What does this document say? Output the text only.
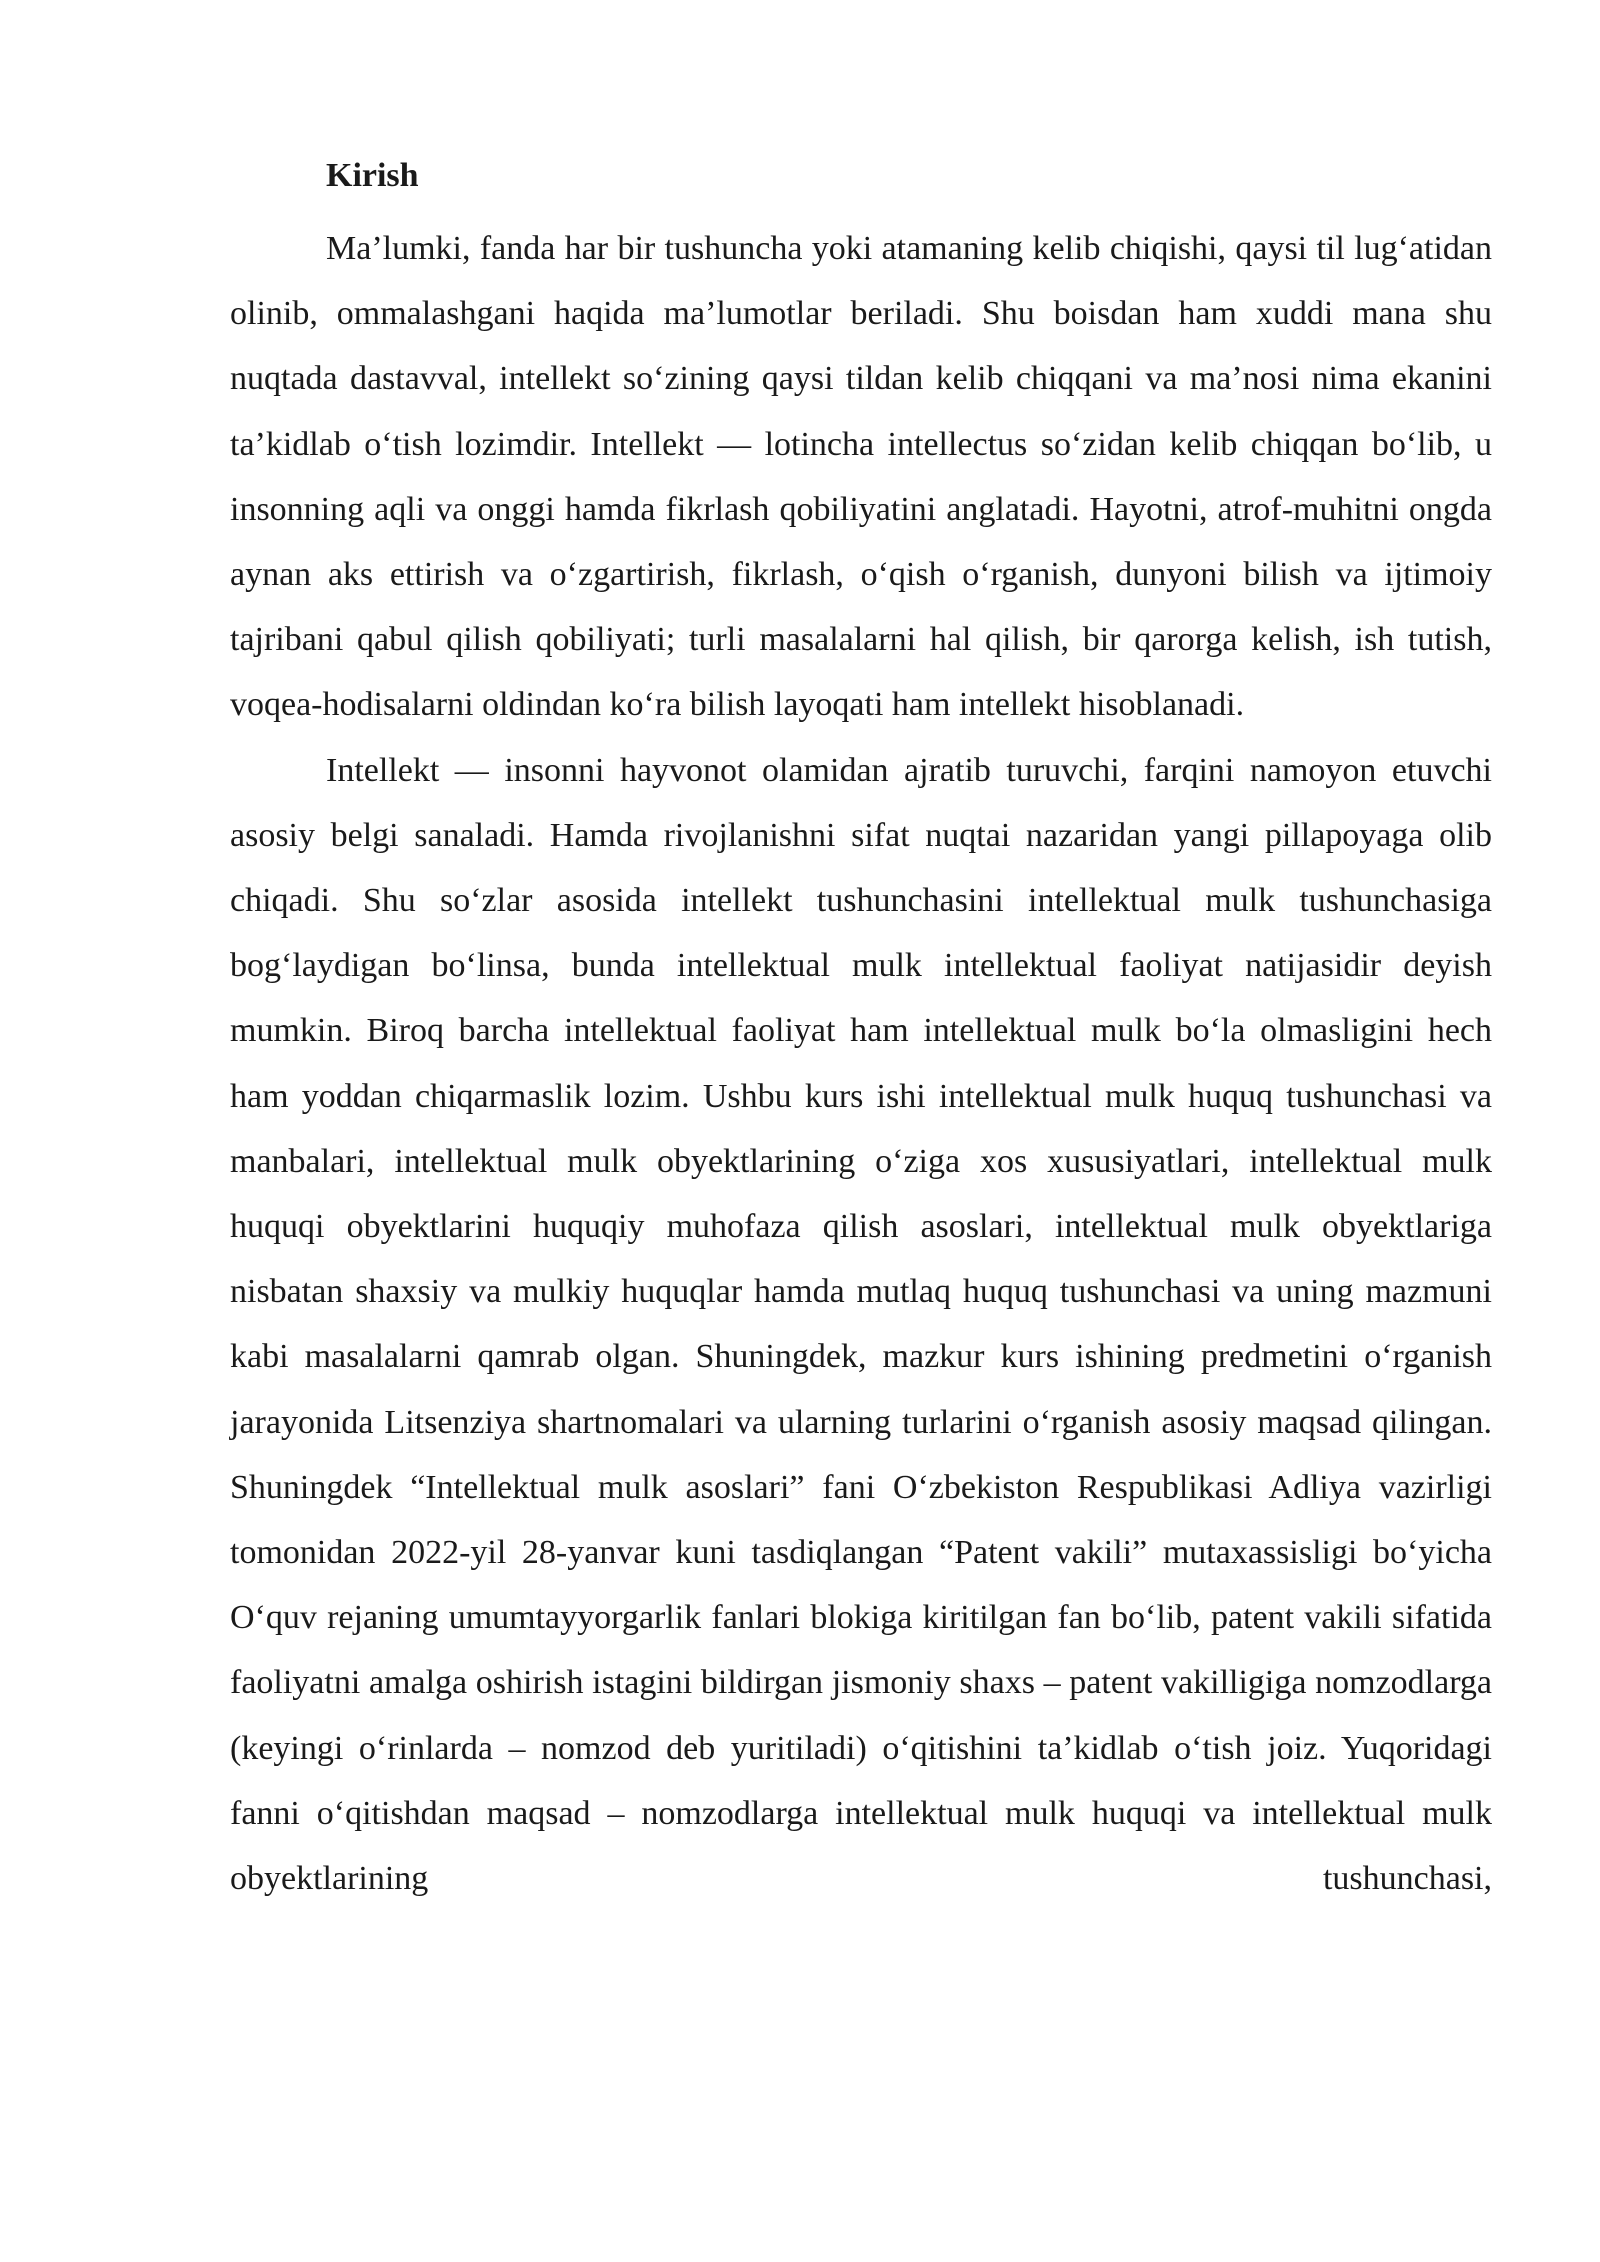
Kirish

Ma’lumki, fanda har bir tushuncha yoki atamaning kelib chiqishi, qaysi til lug‘atidan olinib, ommalashgani haqida ma’lumotlar beriladi. Shu boisdan ham xuddi mana shu nuqtada dastavval, intellekt so‘zining qaysi tildan kelib chiqqani va ma’nosi nima ekanini ta’kidlab o‘tish lozimdir. Intellekt — lotincha intellectus so‘zidan kelib chiqqan bo‘lib, u insonning aqli va onggi hamda fikrlash qobiliyatini anglatadi. Hayotni, atrof-muhitni ongda aynan aks ettirish va o‘zgartirish, fikrlash, o‘qish o‘rganish, dunyoni bilish va ijtimoiy tajribani qabul qilish qobiliyati; turli masalalarni hal qilish, bir qarorga kelish, ish tutish, voqea-hodisalarni oldindan ko‘ra bilish layoqati ham intellekt hisoblanadi.

Intellekt — insonni hayvonot olamidan ajratib turuvchi, farqini namoyon etuvchi asosiy belgi sanaladi. Hamda rivojlanishni sifat nuqtai nazaridan yangi pillapoyaga olib chiqadi. Shu so‘zlar asosida intellekt tushunchasini intellektual mulk tushunchasiga bog‘laydigan bo‘linsa, bunda intellektual mulk intellektual faoliyat natijasidir deyish mumkin. Biroq barcha intellektual faoliyat ham intellektual mulk bo‘la olmasligini hech ham yoddan chiqarmaslik lozim. Ushbu kurs ishi intellektual mulk huquq tushunchasi va manbalari, intellektual mulk obyektlarining o‘ziga xos xususiyatlari, intellektual mulk huquqi obyektlarini huquqiy muhofaza qilish asoslari, intellektual mulk obyektlariga nisbatan shaxsiy va mulkiy huquqlar hamda mutlaq huquq tushunchasi va uning mazmuni kabi masalalarni qamrab olgan. Shuningdek, mazkur kurs ishining predmetini o‘rganish jarayonida Litsenziya shartnomalari va ularning turlarini o‘rganish asosiy maqsad qilingan. Shuningdek “Intellektual mulk asoslari” fani O‘zbekiston Respublikasi Adliya vazirligi tomonidan 2022-yil 28-yanvar kuni tasdiqlangan “Patent vakili” mutaxassisligi bo‘yicha O‘quv rejaning umumtayyorgarlik fanlari blokiga kiritilgan fan bo‘lib, patent vakili sifatida faoliyatni amalga oshirish istagini bildirgan jismoniy shaxs – patent vakilligiga nomzodlarga (keyingi o‘rinlarda – nomzod deb yuritiladi) o‘qitishini ta’kidlab o‘tish joiz. Yuqoridagi fanni o‘qitishdan maqsad – nomzodlarga intellektual mulk huquqi va intellektual mulk obyektlarining tushunchasi,
